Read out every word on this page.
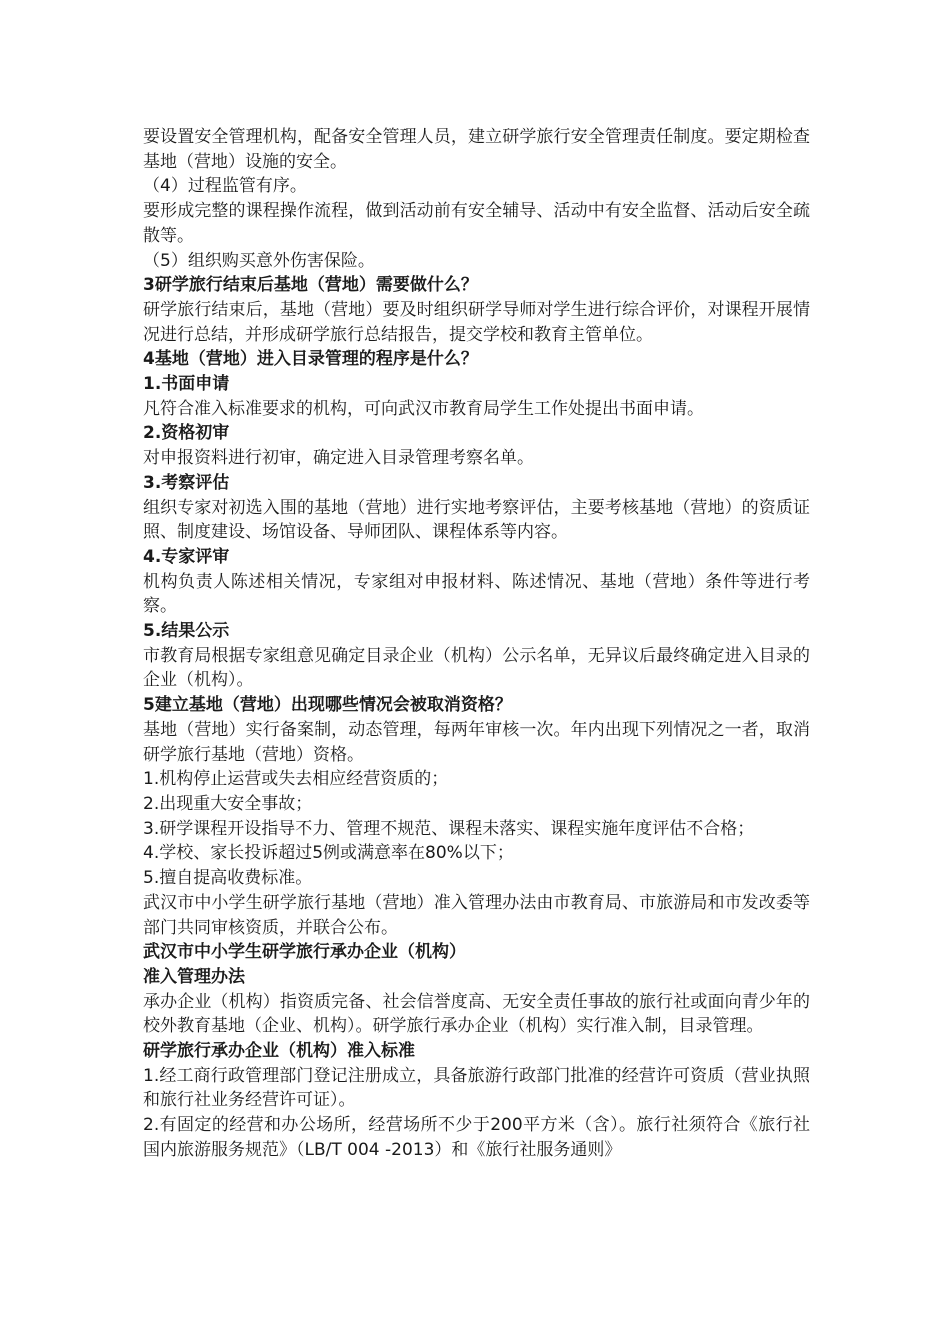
要设置安全管理机构，配备安全管理人员，建立研学旅行安全管理责任制度。要定期检查基地（营地）设施的安全。

（4）过程监管有序。

要形成完整的课程操作流程，做到活动前有安全辅导、活动中有安全监督、活动后安全疏散等。

（5）组织购买意外伤害保险。

3研学旅行结束后基地（营地）需要做什么？

研学旅行结束后，基地（营地）要及时组织研学导师对学生进行综合评价，对课程开展情况进行总结，并形成研学旅行总结报告，提交学校和教育主管单位。

4基地（营地）进入目录管理的程序是什么？

1.书面申请

凡符合准入标准要求的机构，可向武汉市教育局学生工作处提出书面申请。

2.资格初审

对申报资料进行初审，确定进入目录管理考察名单。

3.考察评估

组织专家对初选入围的基地（营地）进行实地考察评估，主要考核基地（营地）的资质证照、制度建设、场馆设备、导师团队、课程体系等内容。

4.专家评审

机构负责人陈述相关情况，专家组对申报材料、陈述情况、基地（营地）条件等进行考察。

5.结果公示

市教育局根据专家组意见确定目录企业（机构）公示名单，无异议后最终确定进入目录的企业（机构）。

5建立基地（营地）出现哪些情况会被取消资格？

基地（营地）实行备案制，动态管理，每两年审核一次。年内出现下列情况之一者，取消研学旅行基地（营地）资格。

1.机构停止运营或失去相应经营资质的；

2.出现重大安全事故；

3.研学课程开设指导不力、管理不规范、课程未落实、课程实施年度评估不合格；

4.学校、家长投诉超过5例或满意率在80%以下；

5.擅自提高收费标准。

武汉市中小学生研学旅行基地（营地）准入管理办法由市教育局、市旅游局和市发改委等部门共同审核资质，并联合公布。

武汉市中小学生研学旅行承办企业（机构）

准入管理办法

承办企业（机构）指资质完备、社会信誉度高、无安全责任事故的旅行社或面向青少年的校外教育基地（企业、机构）。研学旅行承办企业（机构）实行准入制，目录管理。

研学旅行承办企业（机构）准入标准

1.经工商行政管理部门登记注册成立，具备旅游行政部门批准的经营许可资质（营业执照和旅行社业务经营许可证）。

2.有固定的经营和办公场所，经营场所不少于200平方米（含）。旅行社须符合《旅行社国内旅游服务规范》（LB/T 004 -2013）和《旅行社服务通则》
